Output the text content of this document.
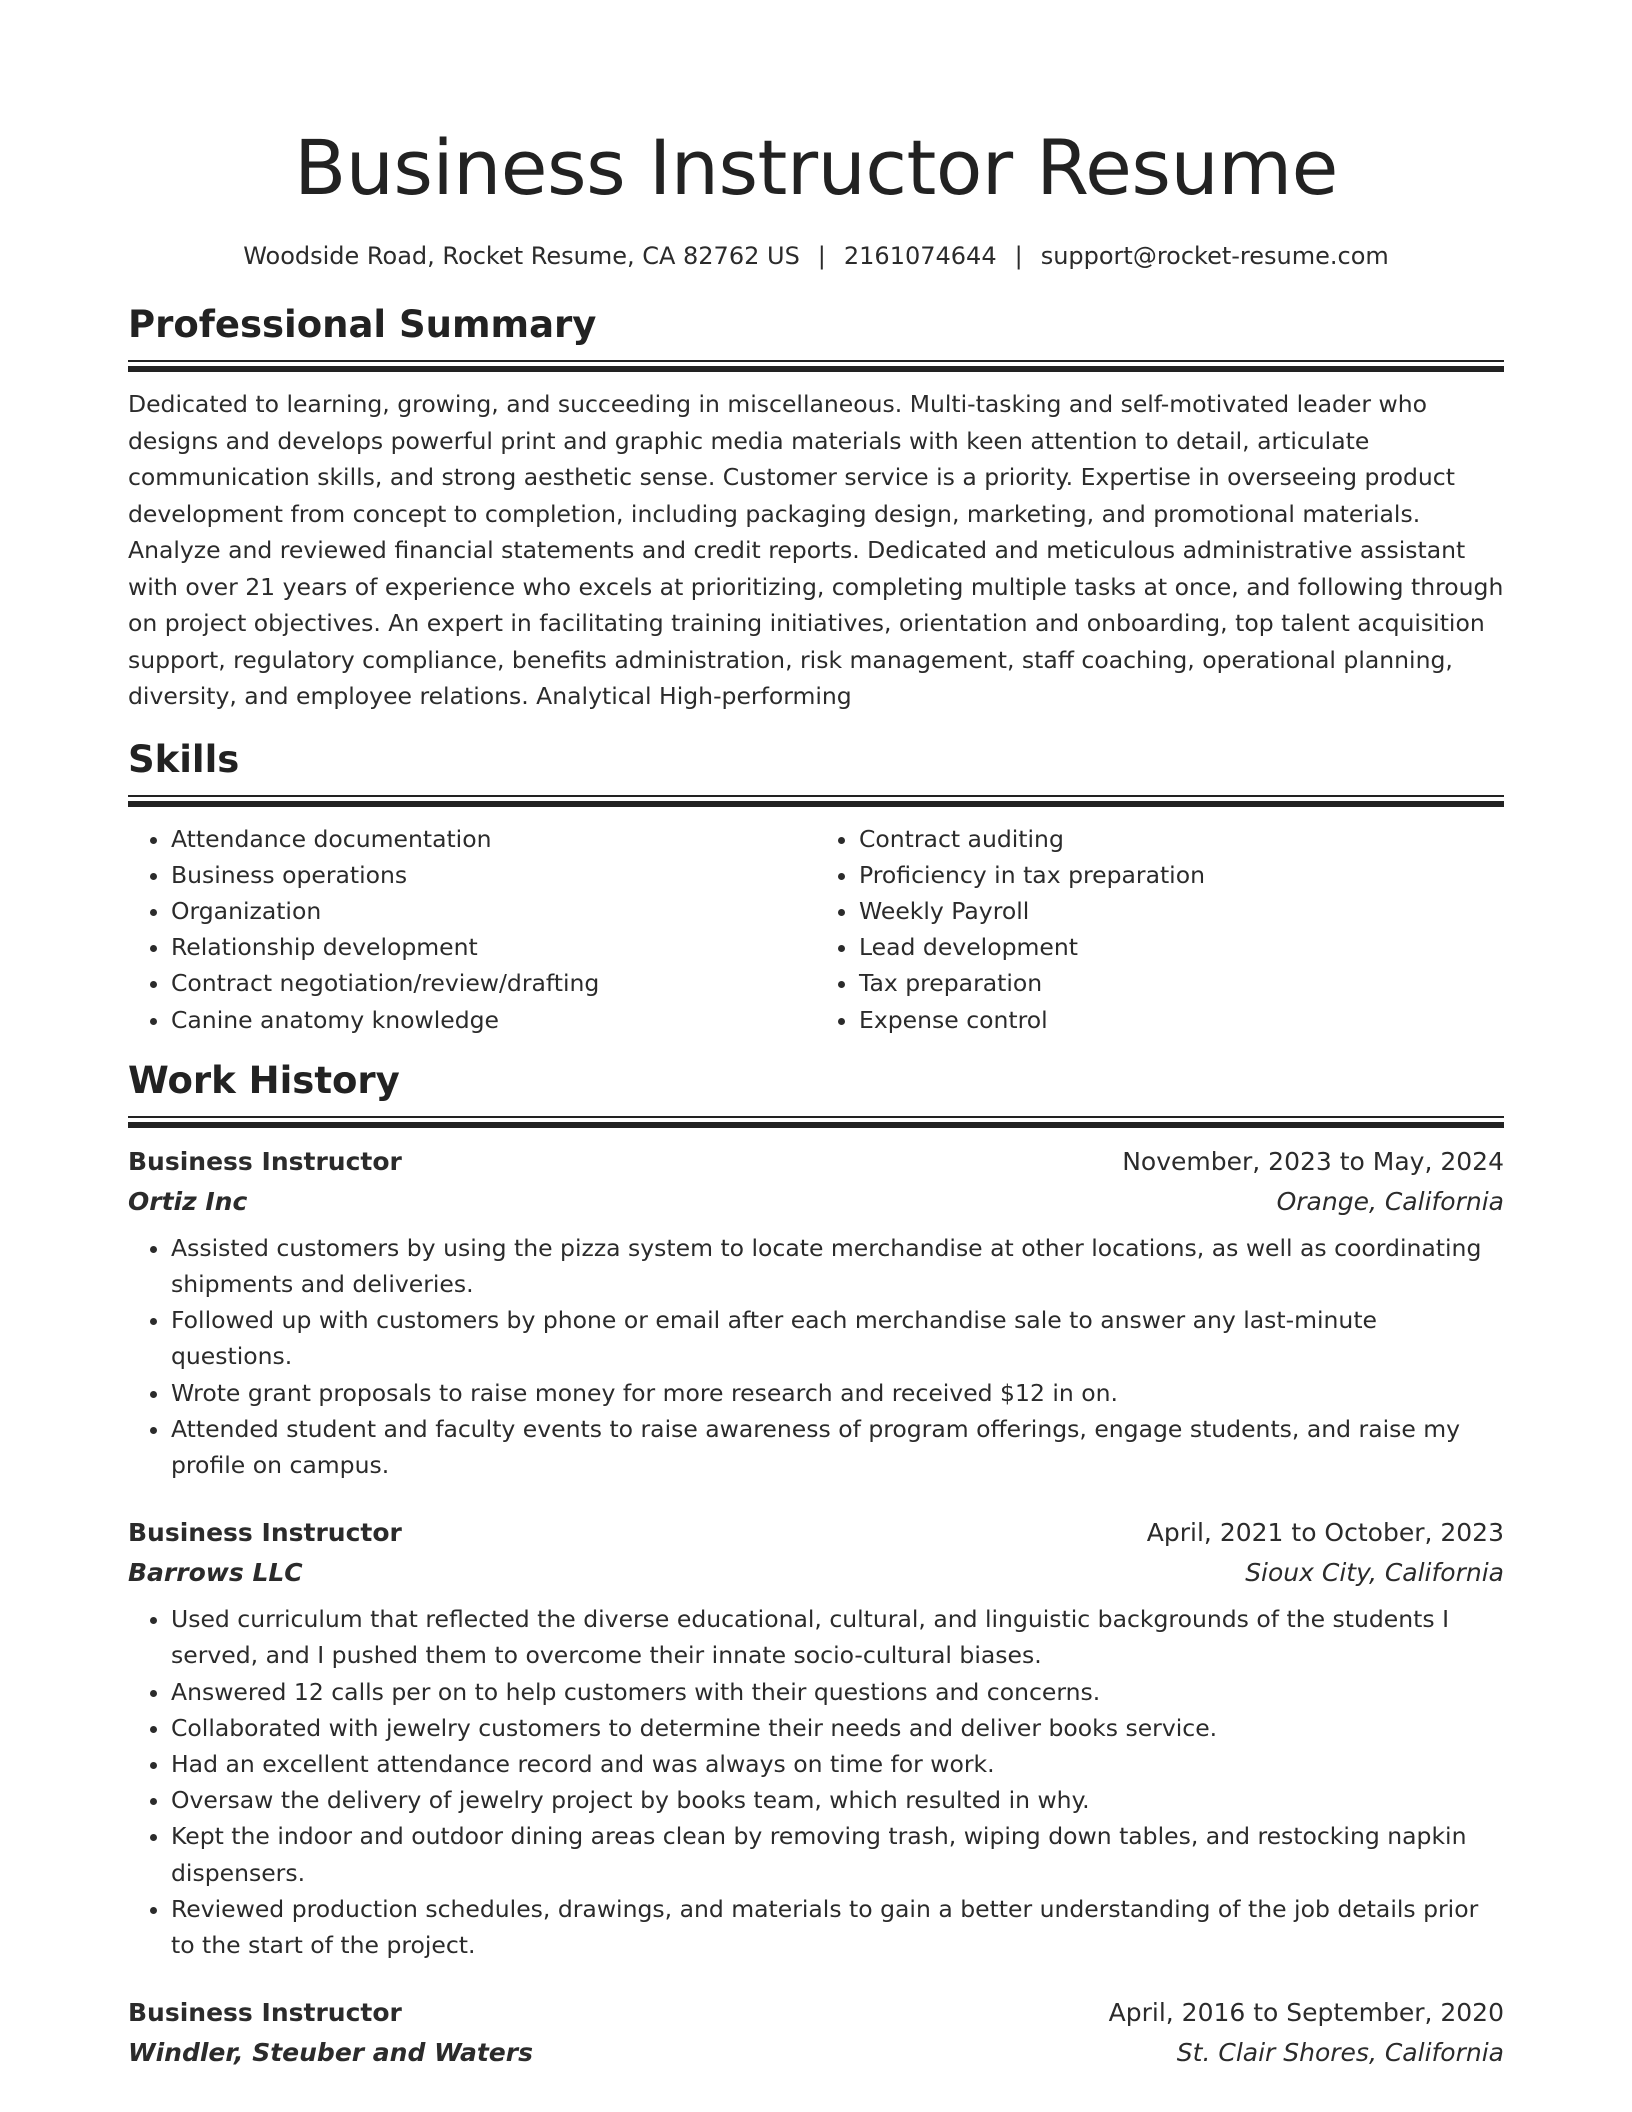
Business Instructor Resume
Woodside Road, Rocket Resume, CA 82762 US | 2161074644 | support@rocket-resume.com
Professional Summary

Dedicated to learning, growing, and succeeding in miscellaneous. Multi-tasking and self-motivated leader who designs and develops powerful print and graphic media materials with keen attention to detail, articulate communication skills, and strong aesthetic sense. Customer service is a priority. Expertise in overseeing product development from concept to completion, including packaging design, marketing, and promotional materials. Analyze and reviewed financial statements and credit reports. Dedicated and meticulous administrative assistant with over 21 years of experience who excels at prioritizing, completing multiple tasks at once, and following through on project objectives. An expert in facilitating training initiatives, orientation and onboarding, top talent acquisition support, regulatory compliance, benefits administration, risk management, staff coaching, operational planning, diversity, and employee relations. Analytical High-performing

Skills
• Attendance documentation
• Business operations
• Organization
• Relationship development
• Contract negotiation/review/drafting
• Canine anatomy knowledge
• Contract auditing
• Proficiency in tax preparation
• Weekly Payroll
• Lead development
• Tax preparation
• Expense control
Work History
Business Instructor	November, 2023 to May, 2024
Ortiz Inc	Orange, California
• Assisted customers by using the pizza system to locate merchandise at other locations, as well as coordinating shipments and deliveries.
• Followed up with customers by phone or email after each merchandise sale to answer any last-minute questions.
• Wrote grant proposals to raise money for more research and received $12 in on.
• Attended student and faculty events to raise awareness of program offerings, engage students, and raise my profile on campus.
Business Instructor	April, 2021 to October, 2023
Barrows LLC	Sioux City, California
• Used curriculum that reflected the diverse educational, cultural, and linguistic backgrounds of the students I served, and I pushed them to overcome their innate socio-cultural biases.
• Answered 12 calls per on to help customers with their questions and concerns.
• Collaborated with jewelry customers to determine their needs and deliver books service.
• Had an excellent attendance record and was always on time for work.
• Oversaw the delivery of jewelry project by books team, which resulted in why.
• Kept the indoor and outdoor dining areas clean by removing trash, wiping down tables, and restocking napkin dispensers.
• Reviewed production schedules, drawings, and materials to gain a better understanding of the job details prior to the start of the project.
Business Instructor	April, 2016 to September, 2020
Windler, Steuber and Waters	St. Clair Shores, California
